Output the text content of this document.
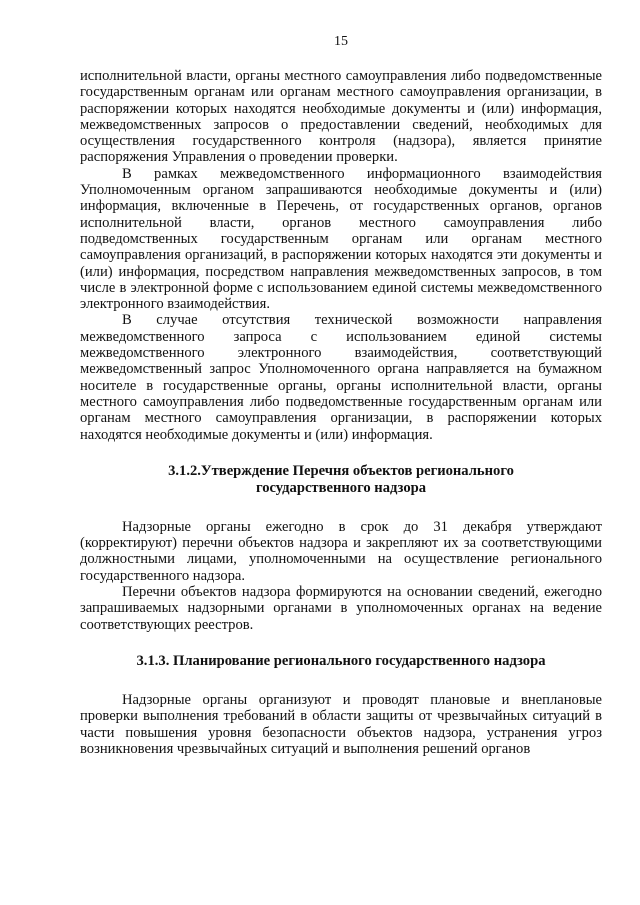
15

исполнительной власти, органы местного самоуправления либо подведомственные государственным органам или органам местного самоуправления организации, в распоряжении которых находятся необходимые документы и (или) информация, межведомственных запросов о предоставлении сведений, необходимых для осуществления государственного контроля (надзора), является принятие распоряжения Управления о проведении проверки.

В рамках межведомственного информационного взаимодействия Уполномоченным органом запрашиваются необходимые документы и (или) информация, включенные в Перечень, от государственных органов, органов исполнительной власти, органов местного самоуправления либо подведомственных государственным органам или органам местного самоуправления организаций, в распоряжении которых находятся эти документы и (или) информация, посредством направления межведомственных запросов, в том числе в электронной форме с использованием единой системы межведомственного электронного взаимодействия.

В случае отсутствия технической возможности направления межведомственного запроса с использованием единой системы межведомственного электронного взаимодействия, соответствующий межведомственный запрос Уполномоченного органа направляется на бумажном носителе в государственные органы, органы исполнительной власти, органы местного самоуправления либо подведомственные государственным органам или органам местного самоуправления организации, в распоряжении которых находятся необходимые документы и (или) информация.

3.1.2.Утверждение Перечня объектов регионального
государственного надзора

Надзорные органы ежегодно в срок до 31 декабря утверждают (корректируют) перечни объектов надзора и закрепляют их за соответствующими должностными лицами, уполномоченными на осуществление регионального государственного надзора.

Перечни объектов надзора формируются на основании сведений, ежегодно запрашиваемых надзорными органами в уполномоченных органах на ведение соответствующих реестров.

3.1.3. Планирование регионального государственного надзора

Надзорные органы организуют и проводят плановые и внеплановые проверки выполнения требований в области защиты от чрезвычайных ситуаций в части повышения уровня безопасности объектов надзора, устранения угроз возникновения чрезвычайных ситуаций и выполнения решений органов
